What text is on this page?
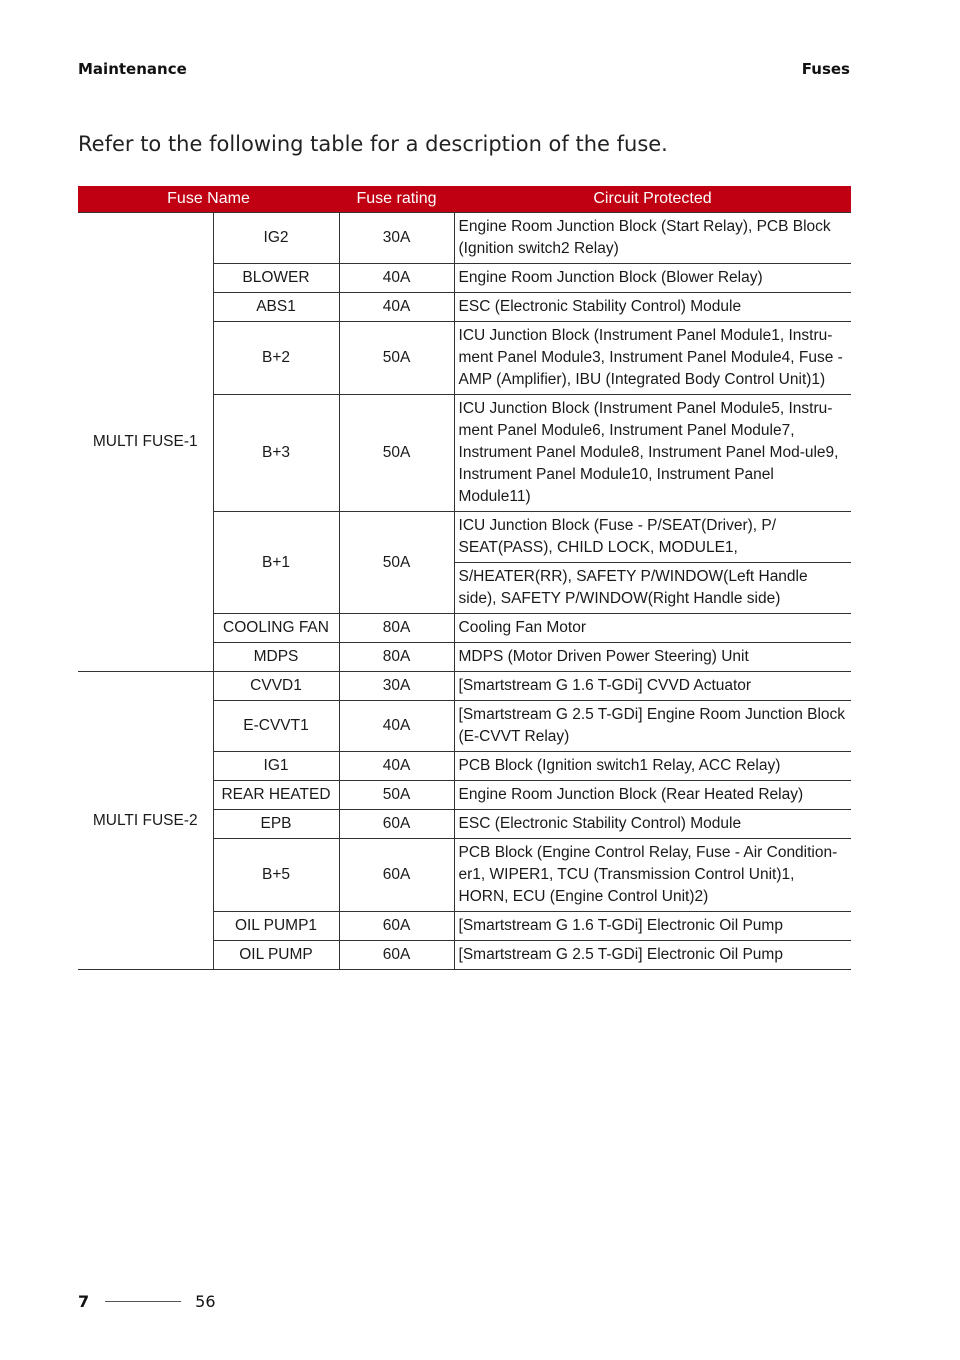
Maintenance	Fuses
Refer to the following table for a description of the fuse.
Fuse Name		Fuse rating	Circuit Protected
MULTI FUSE-1	IG2	30A	Engine Room Junction Block (Start Relay), PCB Block (Ignition switch2 Relay)
	BLOWER	40A	Engine Room Junction Block (Blower Relay)
	ABS1	40A	ESC (Electronic Stability Control) Module
	B+2	50A	ICU Junction Block (Instrument Panel Module1, Instru-ment Panel Module3, Instrument Panel Module4, Fuse - AMP (Amplifier), IBU (Integrated Body Control Unit)1)
	B+3	50A	ICU Junction Block (Instrument Panel Module5, Instru-ment Panel Module6, Instrument Panel Module7, Instrument Panel Module8, Instrument Panel Mod-ule9, Instrument Panel Module10, Instrument Panel Module11)
	B+1	50A	ICU Junction Block (Fuse - P/SEAT(Driver), P/ SEAT(PASS), CHILD LOCK, MODULE1,
			S/HEATER(RR), SAFETY P/WINDOW(Left Handle side), SAFETY P/WINDOW(Right Handle side)
	COOLING FAN	80A	Cooling Fan Motor
	MDPS	80A	MDPS (Motor Driven Power Steering) Unit
MULTI FUSE-2	CVVD1	30A	[Smartstream G 1.6 T-GDi] CVVD Actuator
	E-CVVT1	40A	[Smartstream G 2.5 T-GDi] Engine Room Junction Block (E-CVVT Relay)
	IG1	40A	PCB Block (Ignition switch1 Relay, ACC Relay)
	REAR HEATED	50A	Engine Room Junction Block (Rear Heated Relay)
	EPB	60A	ESC (Electronic Stability Control) Module
	B+5	60A	PCB Block (Engine Control Relay, Fuse - Air Condition-er1, WIPER1, TCU (Transmission Control Unit)1, HORN, ECU (Engine Control Unit)2)
	OIL PUMP1	60A	[Smartstream G 1.6 T-GDi] Electronic Oil Pump
	OIL PUMP	60A	[Smartstream G 2.5 T-GDi] Electronic Oil Pump
7	56
